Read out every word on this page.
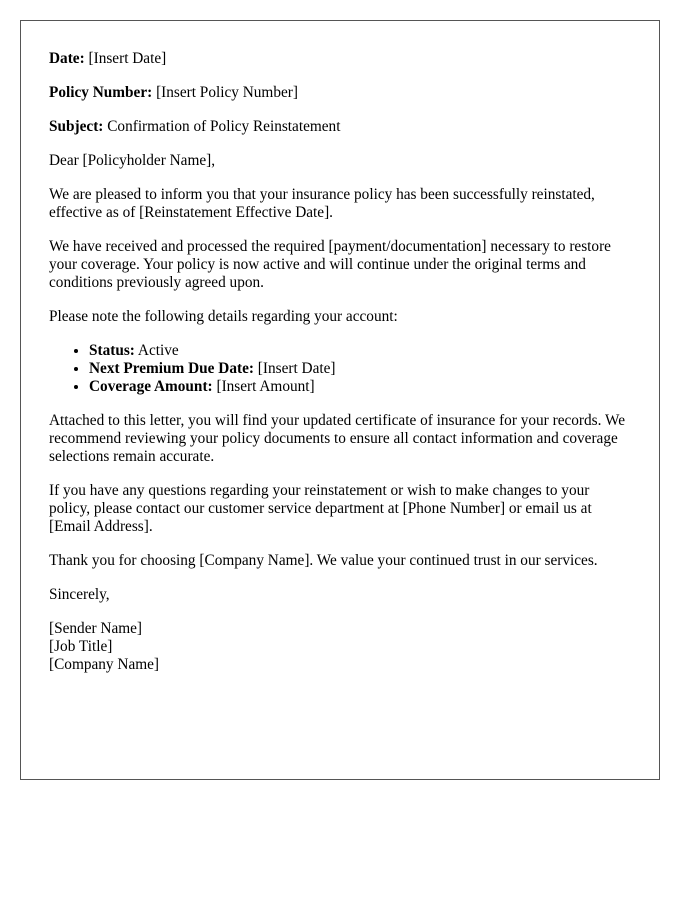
Date: [Insert Date]

Policy Number: [Insert Policy Number]

Subject: Confirmation of Policy Reinstatement

Dear [Policyholder Name],

We are pleased to inform you that your insurance policy has been successfully reinstated, effective as of [Reinstatement Effective Date].

We have received and processed the required [payment/documentation] necessary to restore your coverage. Your policy is now active and will continue under the original terms and conditions previously agreed upon.

Please note the following details regarding your account:

• Status: Active
• Next Premium Due Date: [Insert Date]
• Coverage Amount: [Insert Amount]

Attached to this letter, you will find your updated certificate of insurance for your records. We recommend reviewing your policy documents to ensure all contact information and coverage selections remain accurate.

If you have any questions regarding your reinstatement or wish to make changes to your policy, please contact our customer service department at [Phone Number] or email us at [Email Address].

Thank you for choosing [Company Name]. We value your continued trust in our services.

Sincerely,

[Sender Name]
[Job Title]
[Company Name]
